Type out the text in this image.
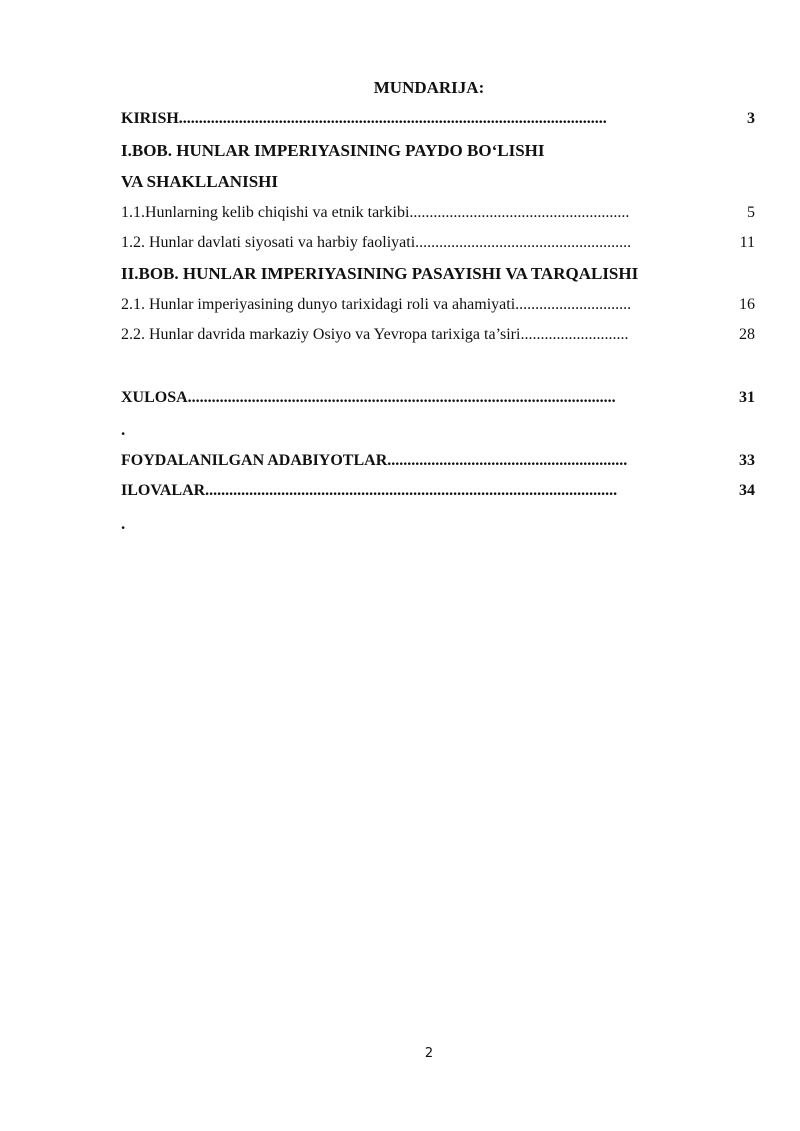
MUNDARIJA:
KIRISH...........................................................................................................	3
I.BOB. HUNLAR IMPERIYASINING PAYDO BO‘LISHI
VA SHAKLLANISHI
1.1.Hunlarning kelib chiqishi va etnik tarkibi.......................................................	5
1.2. Hunlar davlati siyosati va harbiy faoliyati......................................................	11
II.BOB. HUNLAR IMPERIYASINING PASAYISHI VA TARQALISHI
2.1. Hunlar imperiyasining dunyo tarixidagi roli va ahamiyati.............................	16
2.2. Hunlar davrida markaziy Osiyo va Yevropa tarixiga ta’siri...........................	28
XULOSA...........................................................................................................	31
.
FOYDALANILGAN ADABIYOTLAR............................................................	33
ILOVALAR.......................................................................................................	34
.
2
